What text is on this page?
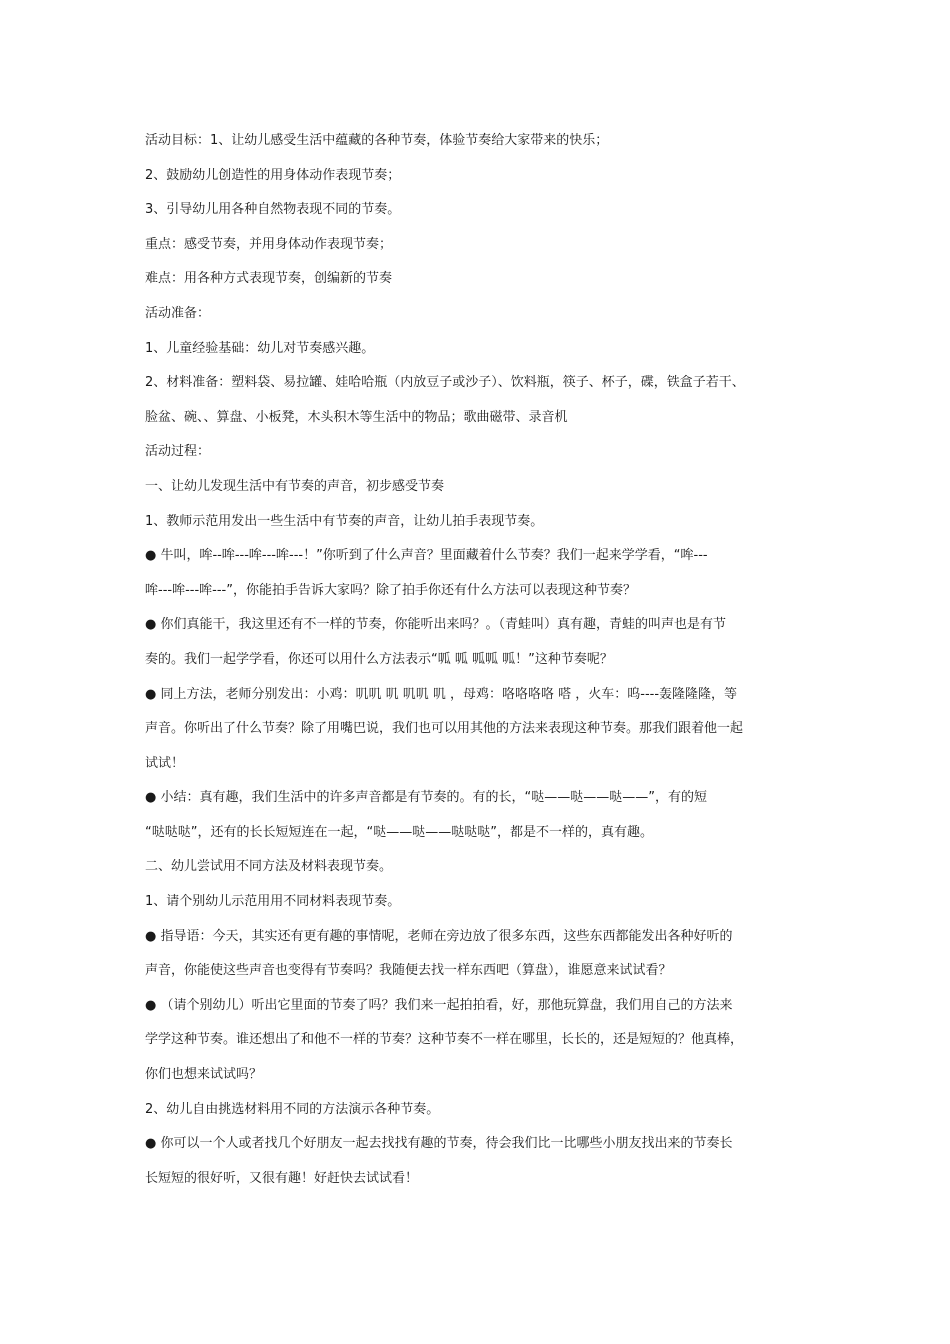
活动目标：1、让幼儿感受生活中蕴藏的各种节奏，体验节奏给大家带来的快乐；
2、鼓励幼儿创造性的用身体动作表现节奏；
3、引导幼儿用各种自然物表现不同的节奏。
重点：感受节奏，并用身体动作表现节奏；
难点：用各种方式表现节奏，创编新的节奏
活动准备：
1、儿童经验基础：幼儿对节奏感兴趣。
2、材料准备：塑料袋、易拉罐、娃哈哈瓶（内放豆子或沙子）、饮料瓶，筷子、杯子，碟，铁盒子若干、
脸盆、碗、、算盘、小板凳，木头积木等生活中的物品；歌曲磁带、录音机
活动过程：
一、让幼儿发现生活中有节奏的声音，初步感受节奏
1、教师示范用发出一些生活中有节奏的声音，让幼儿拍手表现节奏。
● 牛叫，哞--哞---哞---哞---！”你听到了什么声音？里面藏着什么节奏？我们一起来学学看，“哞---
哞---哞---哞---”，你能拍手告诉大家吗？除了拍手你还有什么方法可以表现这种节奏？
● 你们真能干，我这里还有不一样的节奏，你能听出来吗？。（青蛙叫）真有趣，青蛙的叫声也是有节
奏的。我们一起学学看，你还可以用什么方法表示“呱 呱 呱呱 呱！”这种节奏呢？
● 同上方法，老师分别发出：小鸡：叽叽 叽 叽叽 叽 ，母鸡：咯咯咯咯 嗒 ，火车：呜----轰隆隆隆，等
声音。你听出了什么节奏？除了用嘴巴说，我们也可以用其他的方法来表现这种节奏。那我们跟着他一起
试试！
● 小结：真有趣，我们生活中的许多声音都是有节奏的。有的长，“哒——哒——哒——”，有的短
“哒哒哒”，还有的长长短短连在一起，“哒——哒——哒哒哒”，都是不一样的，真有趣。
二、幼儿尝试用不同方法及材料表现节奏。
1、请个别幼儿示范用用不同材料表现节奏。
● 指导语：今天，其实还有更有趣的事情呢，老师在旁边放了很多东西，这些东西都能发出各种好听的
声音，你能使这些声音也变得有节奏吗？我随便去找一样东西吧（算盘），谁愿意来试试看？
● （请个别幼儿）听出它里面的节奏了吗？我们来一起拍拍看，好，那他玩算盘，我们用自己的方法来
学学这种节奏。谁还想出了和他不一样的节奏？这种节奏不一样在哪里，长长的，还是短短的？他真棒，
你们也想来试试吗？
2、幼儿自由挑选材料用不同的方法演示各种节奏。
● 你可以一个人或者找几个好朋友一起去找找有趣的节奏，待会我们比一比哪些小朋友找出来的节奏长
长短短的很好听，又很有趣！好赶快去试试看！
